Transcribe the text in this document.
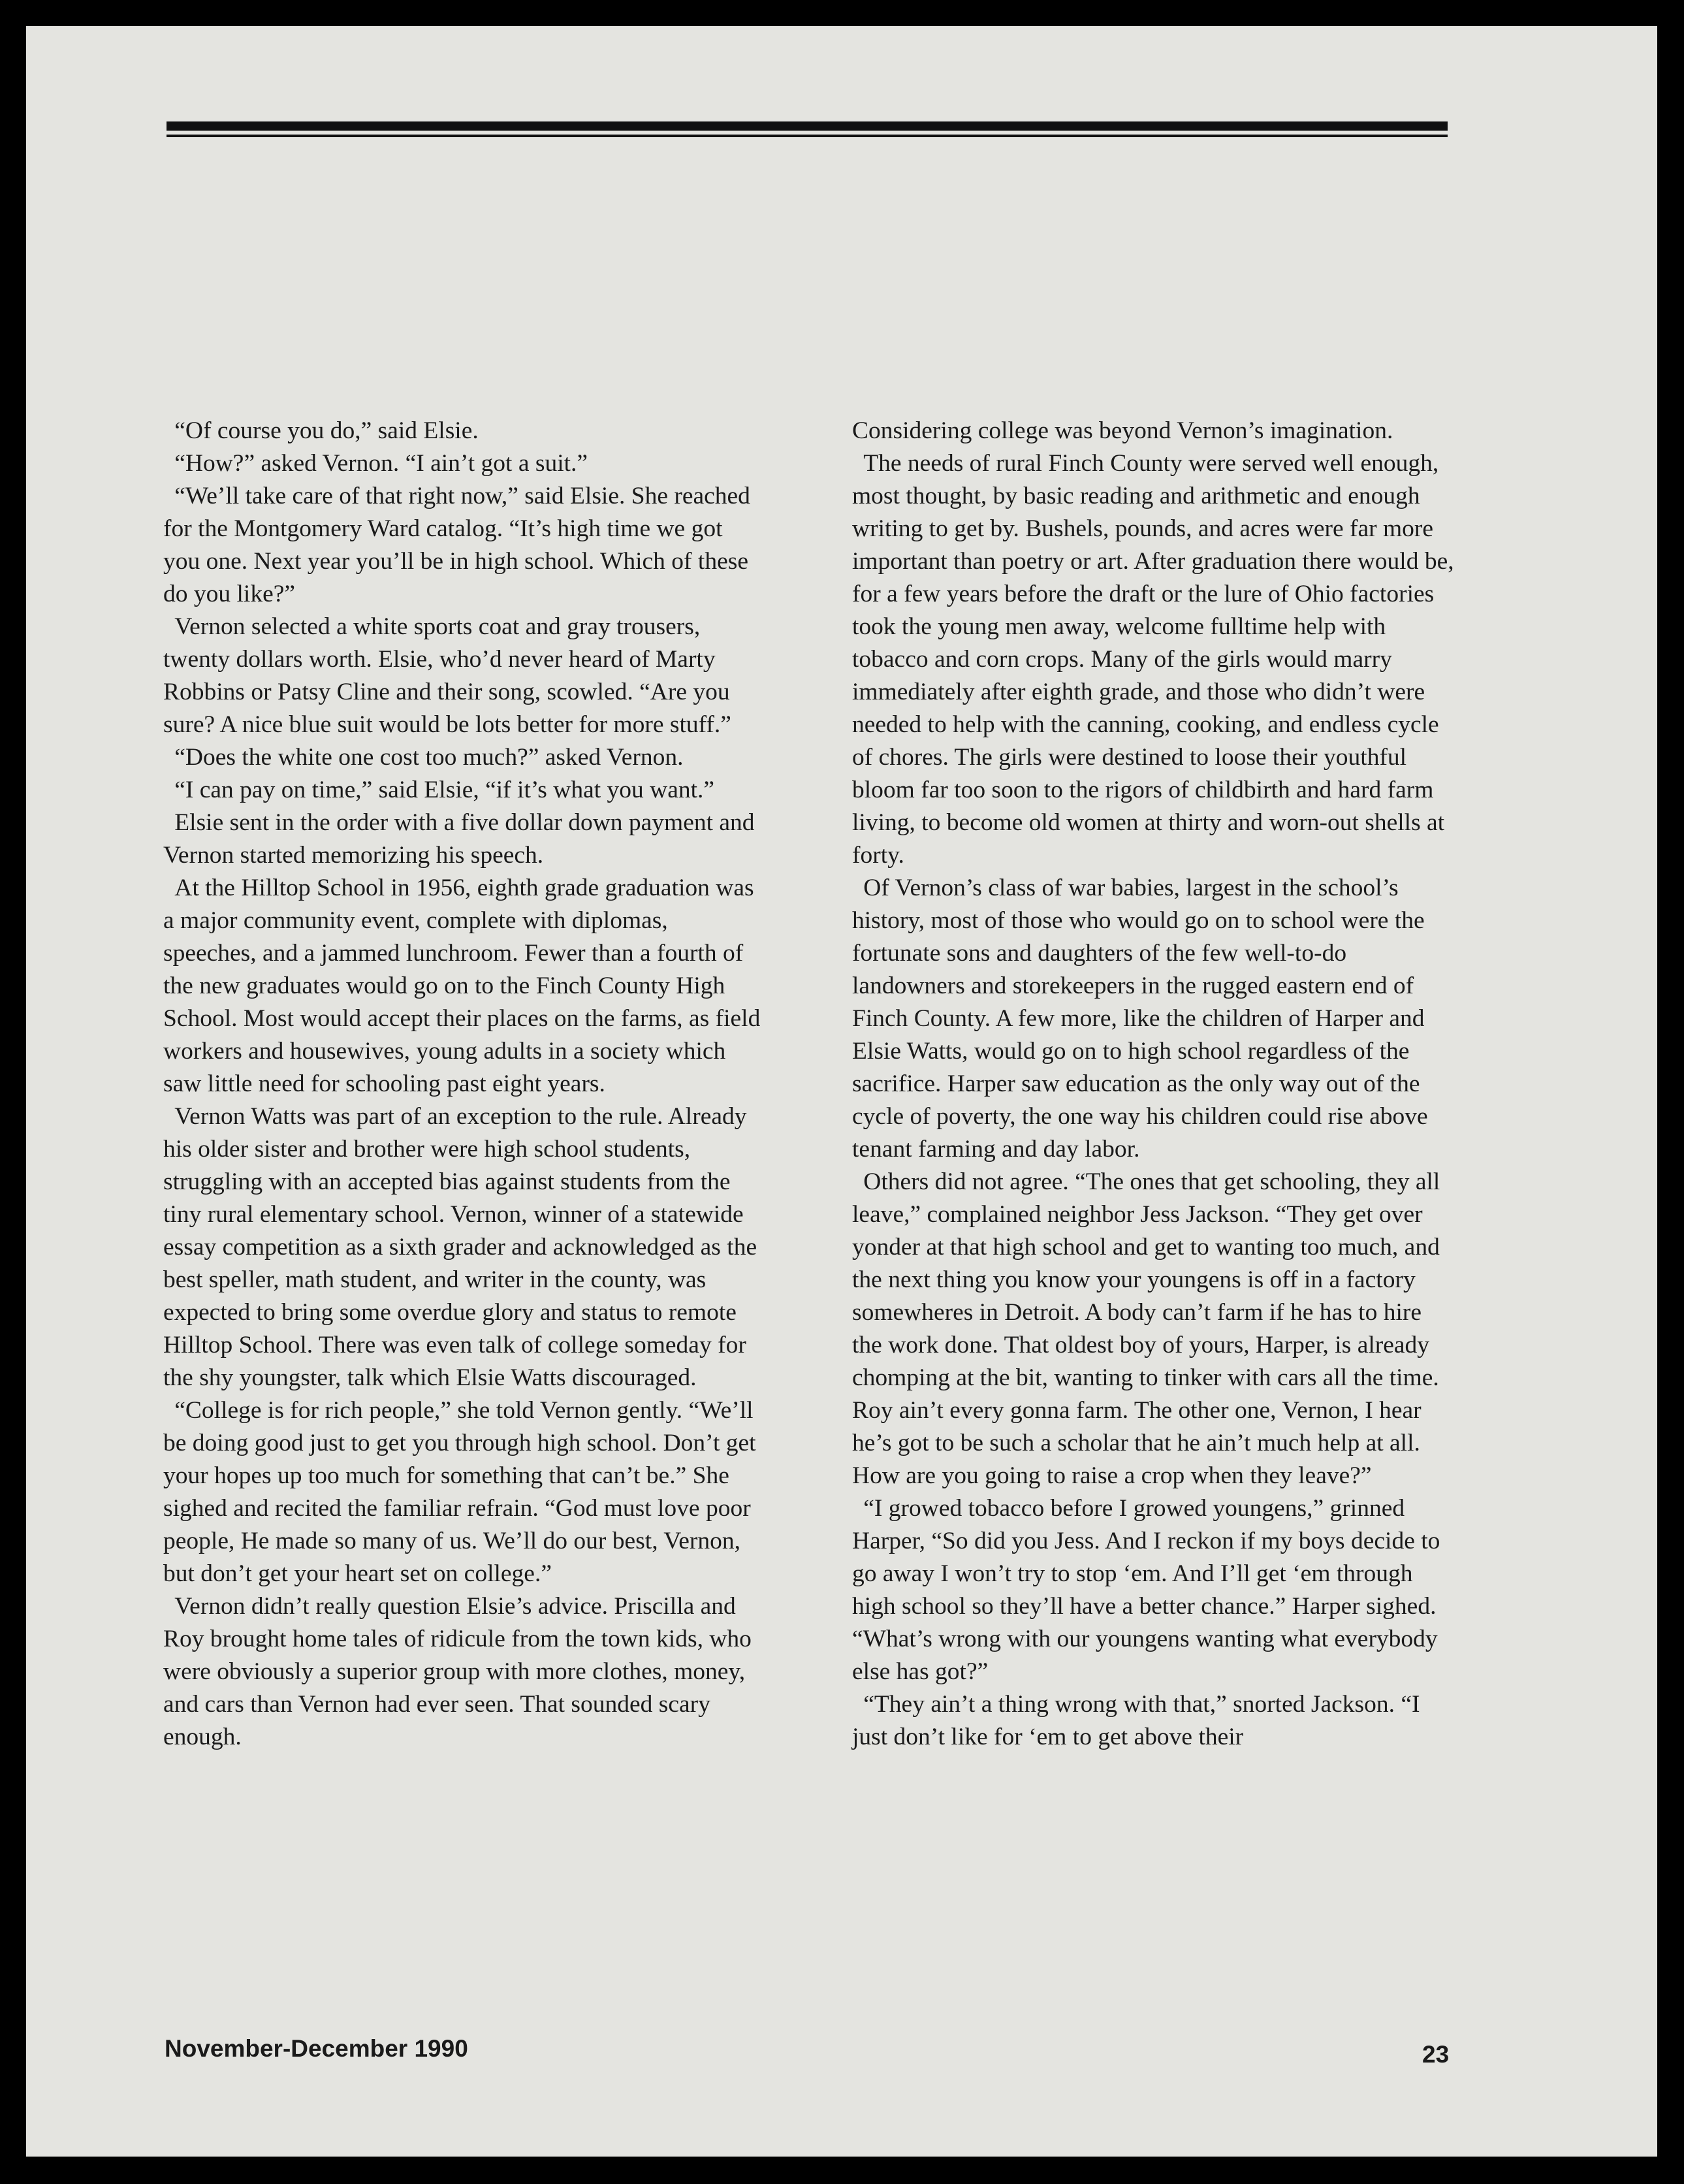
“Of course you do,” said Elsie.

“How?” asked Vernon. “I ain’t got a suit.”

“We’ll take care of that right now,” said Elsie. She reached for the Montgomery Ward catalog. “It’s high time we got you one. Next year you’ll be in high school. Which of these do you like?”

Vernon selected a white sports coat and gray trousers, twenty dollars worth. Elsie, who’d never heard of Marty Robbins or Patsy Cline and their song, scowled. “Are you sure? A nice blue suit would be lots better for more stuff.”

“Does the white one cost too much?” asked Vernon.

“I can pay on time,” said Elsie, “if it’s what you want.”

Elsie sent in the order with a five dollar down payment and Vernon started memorizing his speech.

At the Hilltop School in 1956, eighth grade graduation was a major community event, complete with diplomas, speeches, and a jammed lunchroom. Fewer than a fourth of the new graduates would go on to the Finch County High School. Most would accept their places on the farms, as field workers and housewives, young adults in a society which saw little need for schooling past eight years.

Vernon Watts was part of an exception to the rule. Already his older sister and brother were high school students, struggling with an accepted bias against students from the tiny rural elementary school. Vernon, winner of a statewide essay competition as a sixth grader and acknowledged as the best speller, math student, and writer in the county, was expected to bring some overdue glory and status to remote Hilltop School. There was even talk of college someday for the shy youngster, talk which Elsie Watts discouraged.

“College is for rich people,” she told Vernon gently. “We’ll be doing good just to get you through high school. Don’t get your hopes up too much for something that can’t be.” She sighed and recited the familiar refrain. “God must love poor people, He made so many of us. We’ll do our best, Vernon, but don’t get your heart set on college.”

Vernon didn’t really question Elsie’s advice. Priscilla and Roy brought home tales of ridicule from the town kids, who were obviously a superior group with more clothes, money, and cars than Vernon had ever seen. That sounded scary enough.

Considering college was beyond Vernon’s imagination.

The needs of rural Finch County were served well enough, most thought, by basic reading and arithmetic and enough writing to get by. Bushels, pounds, and acres were far more important than poetry or art. After graduation there would be, for a few years before the draft or the lure of Ohio factories took the young men away, welcome fulltime help with tobacco and corn crops. Many of the girls would marry immediately after eighth grade, and those who didn’t were needed to help with the canning, cooking, and endless cycle of chores. The girls were destined to loose their youthful bloom far too soon to the rigors of childbirth and hard farm living, to become old women at thirty and worn-out shells at forty.

Of Vernon’s class of war babies, largest in the school’s history, most of those who would go on to school were the fortunate sons and daughters of the few well-to-do landowners and storekeepers in the rugged eastern end of Finch County. A few more, like the children of Harper and Elsie Watts, would go on to high school regardless of the sacrifice. Harper saw education as the only way out of the cycle of poverty, the one way his children could rise above tenant farming and day labor.

Others did not agree. “The ones that get schooling, they all leave,” complained neighbor Jess Jackson. “They get over yonder at that high school and get to wanting too much, and the next thing you know your youngens is off in a factory somewheres in Detroit. A body can’t farm if he has to hire the work done. That oldest boy of yours, Harper, is already chomping at the bit, wanting to tinker with cars all the time. Roy ain’t every gonna farm. The other one, Vernon, I hear he’s got to be such a scholar that he ain’t much help at all. How are you going to raise a crop when they leave?”

“I growed tobacco before I growed youngens,” grinned Harper, “So did you Jess. And I reckon if my boys decide to go away I won’t try to stop ‘em. And I’ll get ‘em through high school so they’ll have a better chance.” Harper sighed. “What’s wrong with our youngens wanting what everybody else has got?”

“They ain’t a thing wrong with that,” snorted Jackson. “I just don’t like for ‘em to get above their

November-December 1990	23
